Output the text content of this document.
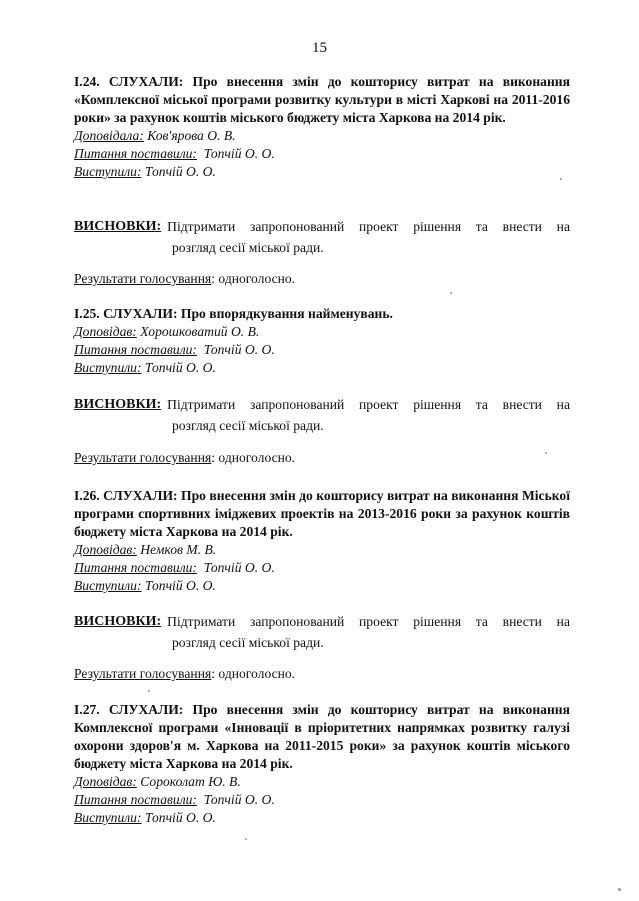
15
І.24. СЛУХАЛИ: Про внесення змін до кошторису витрат на виконання «Комплексної міської програми розвитку культури в місті Харкові на 2011-2016 роки» за рахунок коштів міського бюджету міста Харкова на 2014 рік.
Доповідала: Ков'ярова О. В.
Питання поставили: Топчій О. О.
Виступили: Топчій О. О.
ВИСНОВКИ: Підтримати запропонований проект рішення та внести на
розгляд сесії міської ради.
Результати голосування: одноголосно.
І.25. СЛУХАЛИ: Про впорядкування найменувань.
Доповідав: Хорошковатий О. В.
Питання поставили: Топчій О. О.
Виступили: Топчій О. О.
ВИСНОВКИ: Підтримати запропонований проект рішення та внести на
розгляд сесії міської ради.
Результати голосування: одноголосно.
І.26. СЛУХАЛИ: Про внесення змін до кошторису витрат на виконання Міської програми спортивних іміджевих проектів на 2013-2016 роки за рахунок коштів бюджету міста Харкова на 2014 рік.
Доповідав: Немков М. В.
Питання поставили: Топчій О. О.
Виступили: Топчій О. О.
ВИСНОВКИ: Підтримати запропонований проект рішення та внести на
розгляд сесії міської ради.
Результати голосування: одноголосно.
І.27. СЛУХАЛИ: Про внесення змін до кошторису витрат на виконання Комплексної програми «Інновації в пріоритетних напрямках розвитку галузі охорони здоров'я м. Харкова на 2011-2015 роки» за рахунок коштів міського бюджету міста Харкова на 2014 рік.
Доповідав: Сороколат Ю. В.
Питання поставили: Топчій О. О.
Виступили: Топчій О. О.
